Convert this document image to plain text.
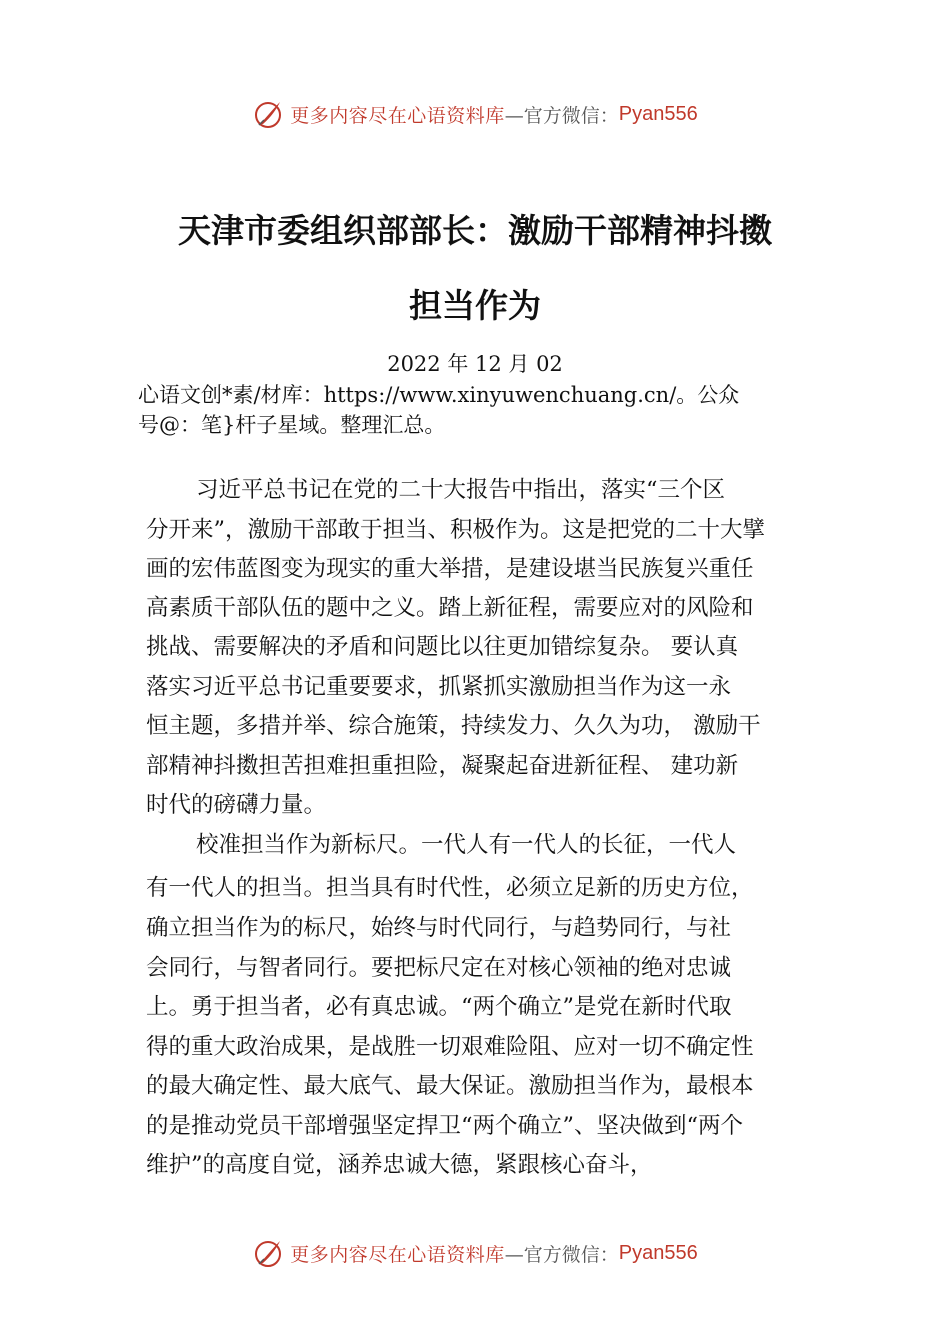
更多内容尽在心语资料库 —官方微信： Pyan556
天津市委组织部部长：激励干部精神抖擞
担当作为
2022 年 12 月 02
心语文创*素/材库：https://www.xinyuwenchuang.cn/。公众
号@：笔}杆子星域。整理汇总。
习近平总书记在党的二十大报告中指出，落实“三个区
分开来”，激励干部敢于担当、积极作为。这是把党的二十大擘
画的宏伟蓝图变为现实的重大举措，是建设堪当民族复兴重任
高素质干部队伍的题中之义。踏上新征程，需要应对的风险和
挑战、需要解决的矛盾和问题比以往更加错综复杂。 要认真
落实习近平总书记重要要求，抓紧抓实激励担当作为这一永
恒主题，多措并举、综合施策，持续发力、久久为功， 激励干
部精神抖擞担苦担难担重担险，凝聚起奋进新征程、 建功新
时代的磅礴力量。
校准担当作为新标尺。一代人有一代人的长征，一代人
有一代人的担当。担当具有时代性，必须立足新的历史方位，
确立担当作为的标尺，始终与时代同行，与趋势同行，与社
会同行，与智者同行。要把标尺定在对核心领袖的绝对忠诚
上。勇于担当者，必有真忠诚。“两个确立”是党在新时代取
得的重大政治成果，是战胜一切艰难险阻、应对一切不确定性
的最大确定性、最大底气、最大保证。激励担当作为，最根本
的是推动党员干部增强坚定捍卫“两个确立”、坚决做到“两个
维护”的高度自觉，涵养忠诚大德，紧跟核心奋斗，
更多内容尽在心语资料库 —官方微信： Pyan556
